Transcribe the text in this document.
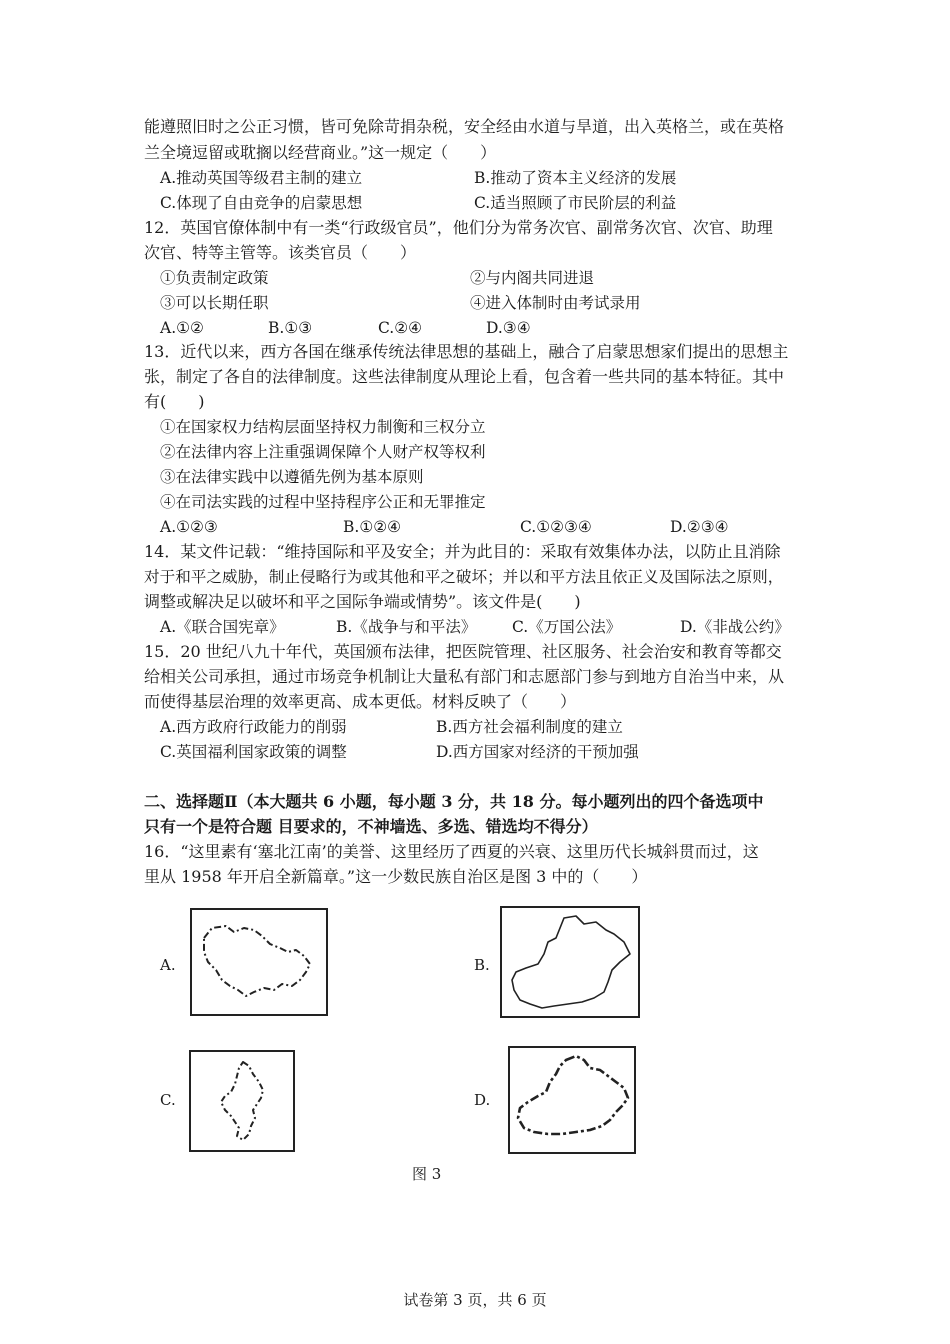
能遵照旧时之公正习惯，皆可免除苛捐杂税，安全经由水道与旱道，出入英格兰，或在英格
兰全境逗留或耽搁以经营商业。”这一规定（　　）
A.推动英国等级君主制的建立	B.推动了资本主义经济的发展
C.体现了自由竞争的启蒙思想	C.适当照顾了市民阶层的利益
12．英国官僚体制中有一类“行政级官员”，他们分为常务次官、副常务次官、次官、助理
次官、特等主管等。该类官员（　　）
①负责制定政策	②与内阁共同进退
③可以长期任职	④进入体制时由考试录用
A.①②	B.①③	C.②④	D.③④
13．近代以来，西方各国在继承传统法律思想的基础上，融合了启蒙思想家们提出的思想主
张，制定了各自的法律制度。这些法律制度从理论上看，包含着一些共同的基本特征。其中
有(　　)
①在国家权力结构层面坚持权力制衡和三权分立
②在法律内容上注重强调保障个人财产权等权利
③在法律实践中以遵循先例为基本原则
④在司法实践的过程中坚持程序公正和无罪推定
A.①②③	B.①②④	C.①②③④	D.②③④
14．某文件记载：“维持国际和平及安全；并为此目的：采取有效集体办法，以防止且消除
对于和平之威胁，制止侵略行为或其他和平之破坏；并以和平方法且依正义及国际法之原则，
调整或解决足以破坏和平之国际争端或情势”。该文件是(　　)
A.《联合国宪章》	B.《战争与和平法》 C.《万国公法》	D.《非战公约》
15．20 世纪八九十年代，英国颁布法律，把医院管理、社区服务、社会治安和教育等都交
给相关公司承担，通过市场竞争机制让大量私有部门和志愿部门参与到地方自治当中来，从
而使得基层治理的效率更高、成本更低。材料反映了（　　）
A.西方政府行政能力的削弱	B.西方社会福利制度的建立
C.英国福利国家政策的调整	D.西方国家对经济的干预加强
二、选择题Ⅱ（本大题共 6 小题，每小题 3 分，共 18 分。每小题列出的四个备选项中
只有一个是符合题 目要求的，不神墙选、多选、错选均不得分）
16．“这里素有‘塞北江南’的美誉、这里经历了西夏的兴衰、这里历代长城斜贯而过，这
里从 1958 年开启全新篇章。”这一少数民族自治区是图 3 中的（　　）
A.	B.
C.	D.
图 3
试卷第 3 页，共 6 页
